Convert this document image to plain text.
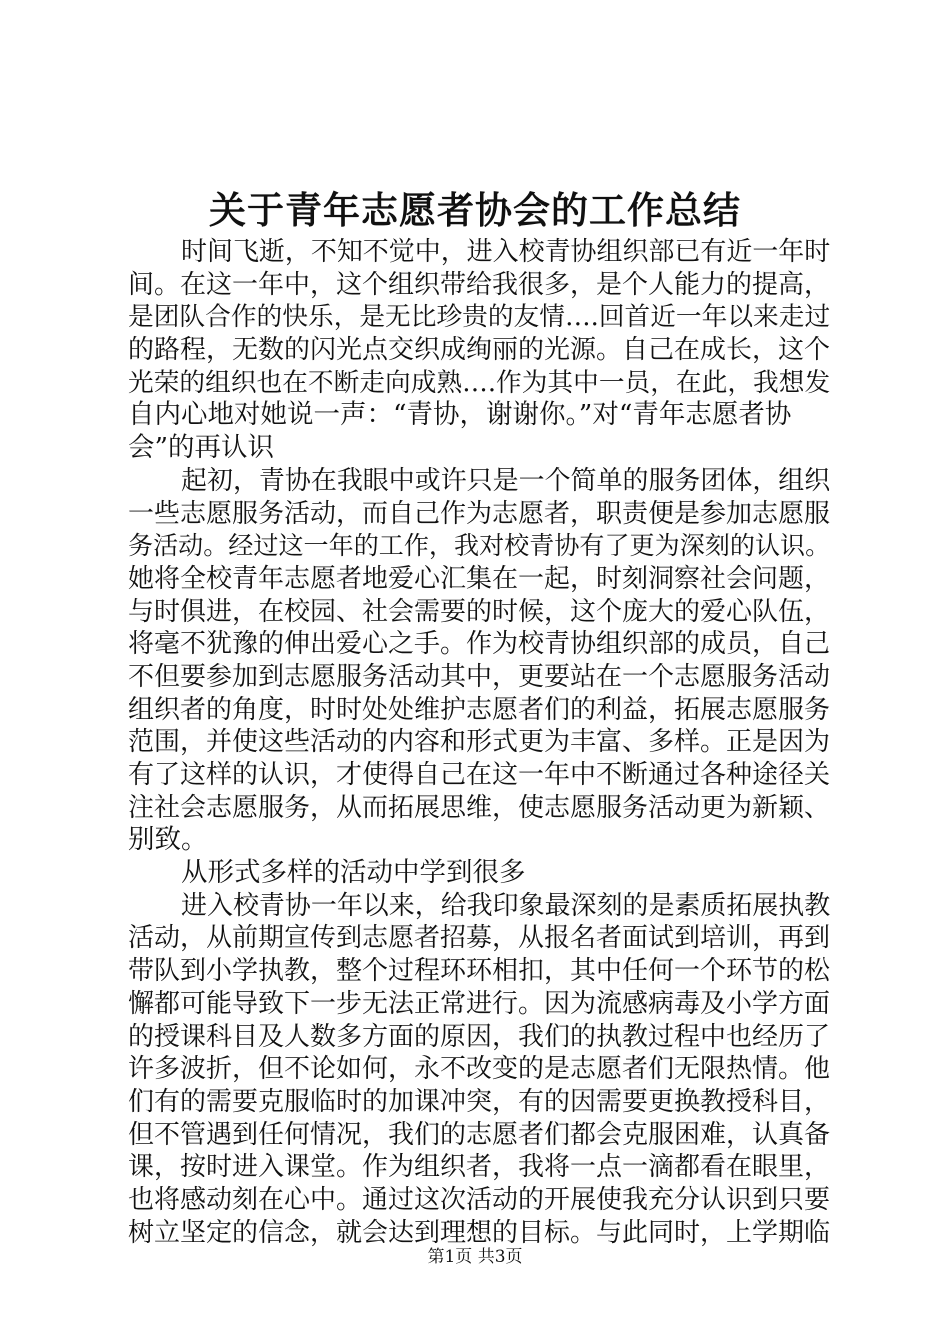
关于青年志愿者协会的工作总结
时间飞逝，不知不觉中，进入校青协组织部已有近一年时
间。在这一年中，这个组织带给我很多，是个人能力的提高，
是团队合作的快乐，是无比珍贵的友情….回首近一年以来走过
的路程，无数的闪光点交织成绚丽的光源。自己在成长，这个
光荣的组织也在不断走向成熟….作为其中一员，在此，我想发
自内心地对她说一声：“青协，谢谢你。”对“青年志愿者协
会”的再认识
起初，青协在我眼中或许只是一个简单的服务团体，组织
一些志愿服务活动，而自己作为志愿者，职责便是参加志愿服
务活动。经过这一年的工作，我对校青协有了更为深刻的认识。
她将全校青年志愿者地爱心汇集在一起，时刻洞察社会问题，
与时俱进，在校园、社会需要的时候，这个庞大的爱心队伍，
将毫不犹豫的伸出爱心之手。作为校青协组织部的成员，自己
不但要参加到志愿服务活动其中，更要站在一个志愿服务活动
组织者的角度，时时处处维护志愿者们的利益，拓展志愿服务
范围，并使这些活动的内容和形式更为丰富、多样。正是因为
有了这样的认识，才使得自己在这一年中不断通过各种途径关
注社会志愿服务，从而拓展思维，使志愿服务活动更为新颖、
别致。
从形式多样的活动中学到很多
进入校青协一年以来，给我印象最深刻的是素质拓展执教
活动，从前期宣传到志愿者招募，从报名者面试到培训，再到
带队到小学执教，整个过程环环相扣，其中任何一个环节的松
懈都可能导致下一步无法正常进行。因为流感病毒及小学方面
的授课科目及人数多方面的原因，我们的执教过程中也经历了
许多波折，但不论如何，永不改变的是志愿者们无限热情。他
们有的需要克服临时的加课冲突，有的因需要更换教授科目，
但不管遇到任何情况，我们的志愿者们都会克服困难，认真备
课，按时进入课堂。作为组织者，我将一点一滴都看在眼里，
也将感动刻在心中。通过这次活动的开展使我充分认识到只要
树立坚定的信念，就会达到理想的目标。与此同时，上学期临
第1页 共3页
